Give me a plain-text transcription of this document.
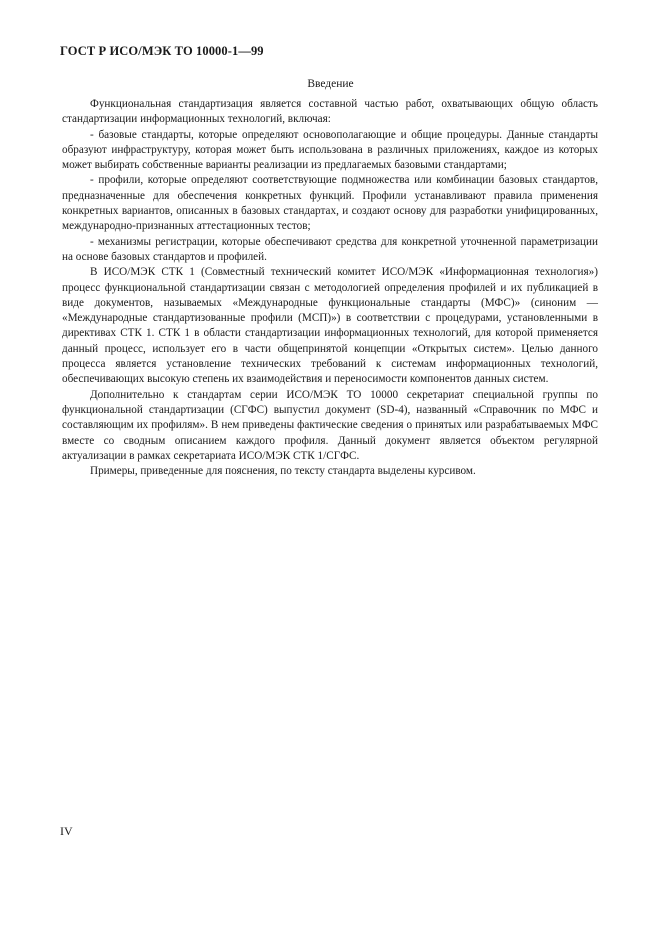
ГОСТ Р ИСО/МЭК ТО 10000-1—99
Введение

Функциональная стандартизация является составной частью работ, охватывающих общую область стандартизации информационных технологий, включая:

- базовые стандарты, которые определяют основополагающие и общие процедуры. Данные стандарты образуют инфраструктуру, которая может быть использована в различных приложениях, каждое из которых может выбирать собственные варианты реализации из предлагаемых базовыми стандартами;

- профили, которые определяют соответствующие подмножества или комбинации базовых стандартов, предназначенные для обеспечения конкретных функций. Профили устанавливают правила применения конкретных вариантов, описанных в базовых стандартах, и создают основу для разработки унифицированных, международно-признанных аттестационных тестов;

- механизмы регистрации, которые обеспечивают средства для конкретной уточненной параметризации на основе базовых стандартов и профилей.

В ИСО/МЭК СТК 1 (Совместный технический комитет ИСО/МЭК «Информационная технология») процесс функциональной стандартизации связан с методологией определения профилей и их публикацией в виде документов, называемых «Международные функциональные стандарты (МФС)» (синоним — «Международные стандартизованные профили (МСП)») в соответствии с процедурами, установленными в директивах СТК 1. СТК 1 в области стандартизации информационных технологий, для которой применяется данный процесс, использует его в части общепринятой концепции «Открытых систем». Целью данного процесса является установление технических требований к системам информационных технологий, обеспечивающих высокую степень их взаимодействия и переносимости компонентов данных систем.

Дополнительно к стандартам серии ИСО/МЭК ТО 10000 секретариат специальной группы по функциональной стандартизации (СГФС) выпустил документ (SD-4), названный «Справочник по МФС и составляющим их профилям». В нем приведены фактические сведения о принятых или разрабатываемых МФС вместе со сводным описанием каждого профиля. Данный документ является объектом регулярной актуализации в рамках секретариата ИСО/МЭК СТК 1/СГФС.

Примеры, приведенные для пояснения, по тексту стандарта выделены курсивом.

IV
